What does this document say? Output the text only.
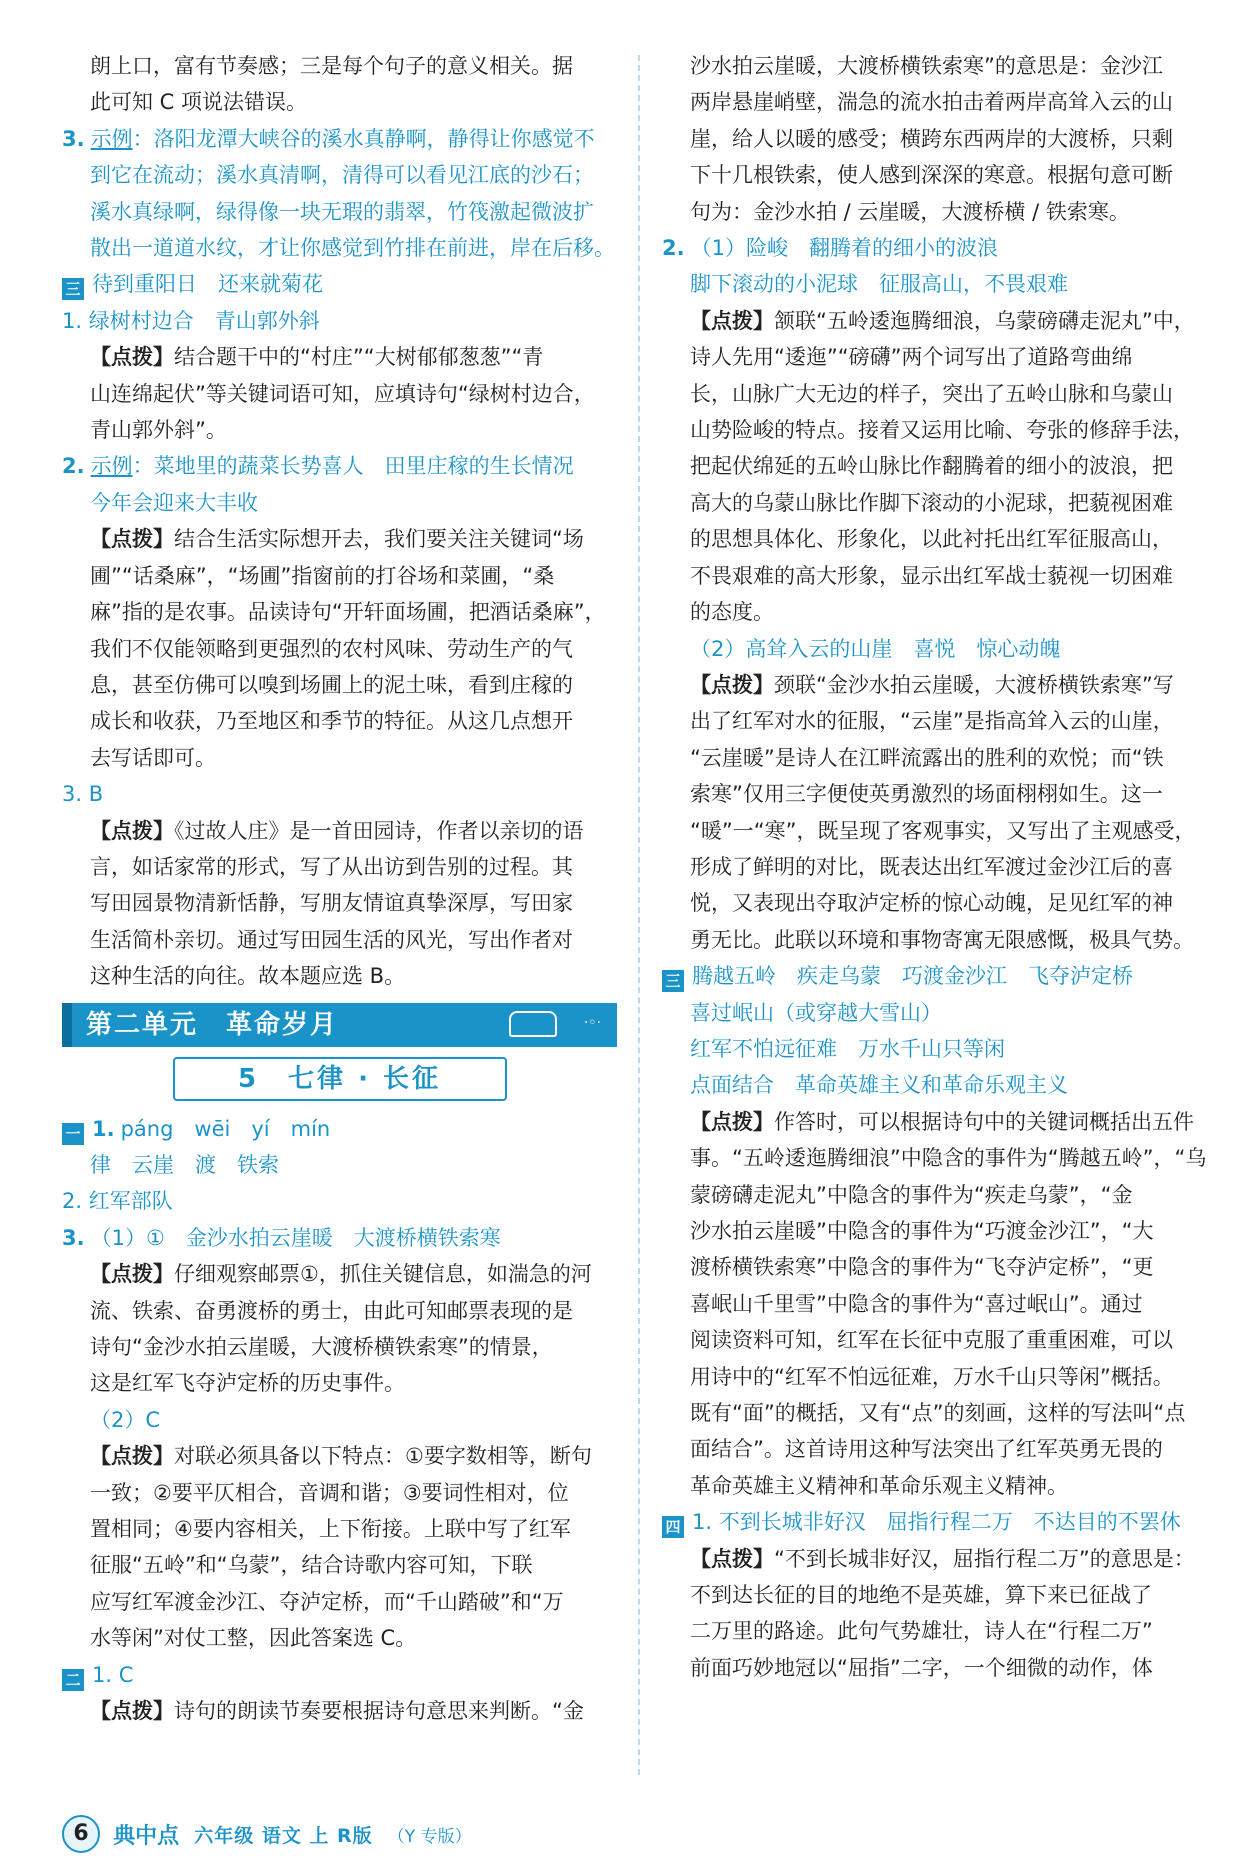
朗上口，富有节奏感；三是每个句子的意义相关。据

此可知 C 项说法错误。

3. 示例：洛阳龙潭大峡谷的溪水真静啊，静得让你感觉不

到它在流动；溪水真清啊，清得可以看见江底的沙石；

溪水真绿啊，绿得像一块无瑕的翡翠，竹筏激起微波扩

散出一道道水纹，才让你感觉到竹排在前进，岸在后移。

三 待到重阳日　还来就菊花

1. 绿树村边合　青山郭外斜

【点拨】结合题干中的“村庄”“大树郁郁葱葱”“青

山连绵起伏”等关键词语可知，应填诗句“绿树村边合，

青山郭外斜”。

2. 示例：菜地里的蔬菜长势喜人　田里庄稼的生长情况

今年会迎来大丰收

【点拨】结合生活实际想开去，我们要关注关键词“场

圃”“话桑麻”，“场圃”指窗前的打谷场和菜圃，“桑

麻”指的是农事。品读诗句“开轩面场圃，把酒话桑麻”，

我们不仅能领略到更强烈的农村风味、劳动生产的气

息，甚至仿佛可以嗅到场圃上的泥土味，看到庄稼的

成长和收获，乃至地区和季节的特征。从这几点想开

去写话即可。

3. B

【点拨】《过故人庄》是一首田园诗，作者以亲切的语

言，如话家常的形式，写了从出访到告别的过程。其

写田园景物清新恬静，写朋友情谊真挚深厚，写田家

生活简朴亲切。通过写田园生活的风光，写出作者对

这种生活的向往。故本题应选 B。

第二单元　革命岁月	·◦·
5　七律 · 长征

一 1. páng　wēi　yí　mín

律　云崖　渡　铁索

2. 红军部队

3. （1）①　金沙水拍云崖暖　大渡桥横铁索寒

【点拨】仔细观察邮票①，抓住关键信息，如湍急的河

流、铁索、奋勇渡桥的勇士，由此可知邮票表现的是

诗句“金沙水拍云崖暖，大渡桥横铁索寒”的情景，

这是红军飞夺泸定桥的历史事件。

（2）C

【点拨】对联必须具备以下特点：①要字数相等，断句

一致；②要平仄相合，音调和谐；③要词性相对，位

置相同；④要内容相关，上下衔接。上联中写了红军

征服“五岭”和“乌蒙”，结合诗歌内容可知，下联

应写红军渡金沙江、夺泸定桥，而“千山踏破”和“万

水等闲”对仗工整，因此答案选 C。

二 1. C

【点拨】诗句的朗读节奏要根据诗句意思来判断。“金

沙水拍云崖暖，大渡桥横铁索寒”的意思是：金沙江

两岸悬崖峭壁，湍急的流水拍击着两岸高耸入云的山

崖，给人以暖的感受；横跨东西两岸的大渡桥，只剩

下十几根铁索，使人感到深深的寒意。根据句意可断

句为：金沙水拍 / 云崖暖，大渡桥横 / 铁索寒。

2. （1）险峻　翻腾着的细小的波浪

脚下滚动的小泥球　征服高山，不畏艰难

【点拨】颔联“五岭逶迤腾细浪，乌蒙磅礴走泥丸”中，

诗人先用“逶迤”“磅礴”两个词写出了道路弯曲绵

长，山脉广大无边的样子，突出了五岭山脉和乌蒙山

山势险峻的特点。接着又运用比喻、夸张的修辞手法，

把起伏绵延的五岭山脉比作翻腾着的细小的波浪，把

高大的乌蒙山脉比作脚下滚动的小泥球，把藐视困难

的思想具体化、形象化，以此衬托出红军征服高山，

不畏艰难的高大形象，显示出红军战士藐视一切困难

的态度。

（2）高耸入云的山崖　喜悦　惊心动魄

【点拨】颈联“金沙水拍云崖暖，大渡桥横铁索寒”写

出了红军对水的征服，“云崖”是指高耸入云的山崖，

“云崖暖”是诗人在江畔流露出的胜利的欢悦；而“铁

索寒”仅用三字便使英勇激烈的场面栩栩如生。这一

“暖”一“寒”，既呈现了客观事实，又写出了主观感受，

形成了鲜明的对比，既表达出红军渡过金沙江后的喜

悦，又表现出夺取泸定桥的惊心动魄，足见红军的神

勇无比。此联以环境和事物寄寓无限感慨，极具气势。

三 腾越五岭　疾走乌蒙　巧渡金沙江　飞夺泸定桥

喜过岷山（或穿越大雪山）

红军不怕远征难　万水千山只等闲

点面结合　革命英雄主义和革命乐观主义

【点拨】作答时，可以根据诗句中的关键词概括出五件

事。“五岭逶迤腾细浪”中隐含的事件为“腾越五岭”，“乌

蒙磅礴走泥丸”中隐含的事件为“疾走乌蒙”，“金

沙水拍云崖暖”中隐含的事件为“巧渡金沙江”，“大

渡桥横铁索寒”中隐含的事件为“飞夺泸定桥”，“更

喜岷山千里雪”中隐含的事件为“喜过岷山”。通过

阅读资料可知，红军在长征中克服了重重困难，可以

用诗中的“红军不怕远征难，万水千山只等闲”概括。

既有“面”的概括，又有“点”的刻画，这样的写法叫“点

面结合”。这首诗用这种写法突出了红军英勇无畏的

革命英雄主义精神和革命乐观主义精神。

四 1. 不到长城非好汉　屈指行程二万　不达目的不罢休

【点拨】“不到长城非好汉，屈指行程二万”的意思是：

不到达长征的目的地绝不是英雄，算下来已征战了

二万里的路途。此句气势雄壮，诗人在“行程二万”

前面巧妙地冠以“屈指”二字，一个细微的动作，体

6 典中点 六年级 语文 上 R版 （Y 专版）
